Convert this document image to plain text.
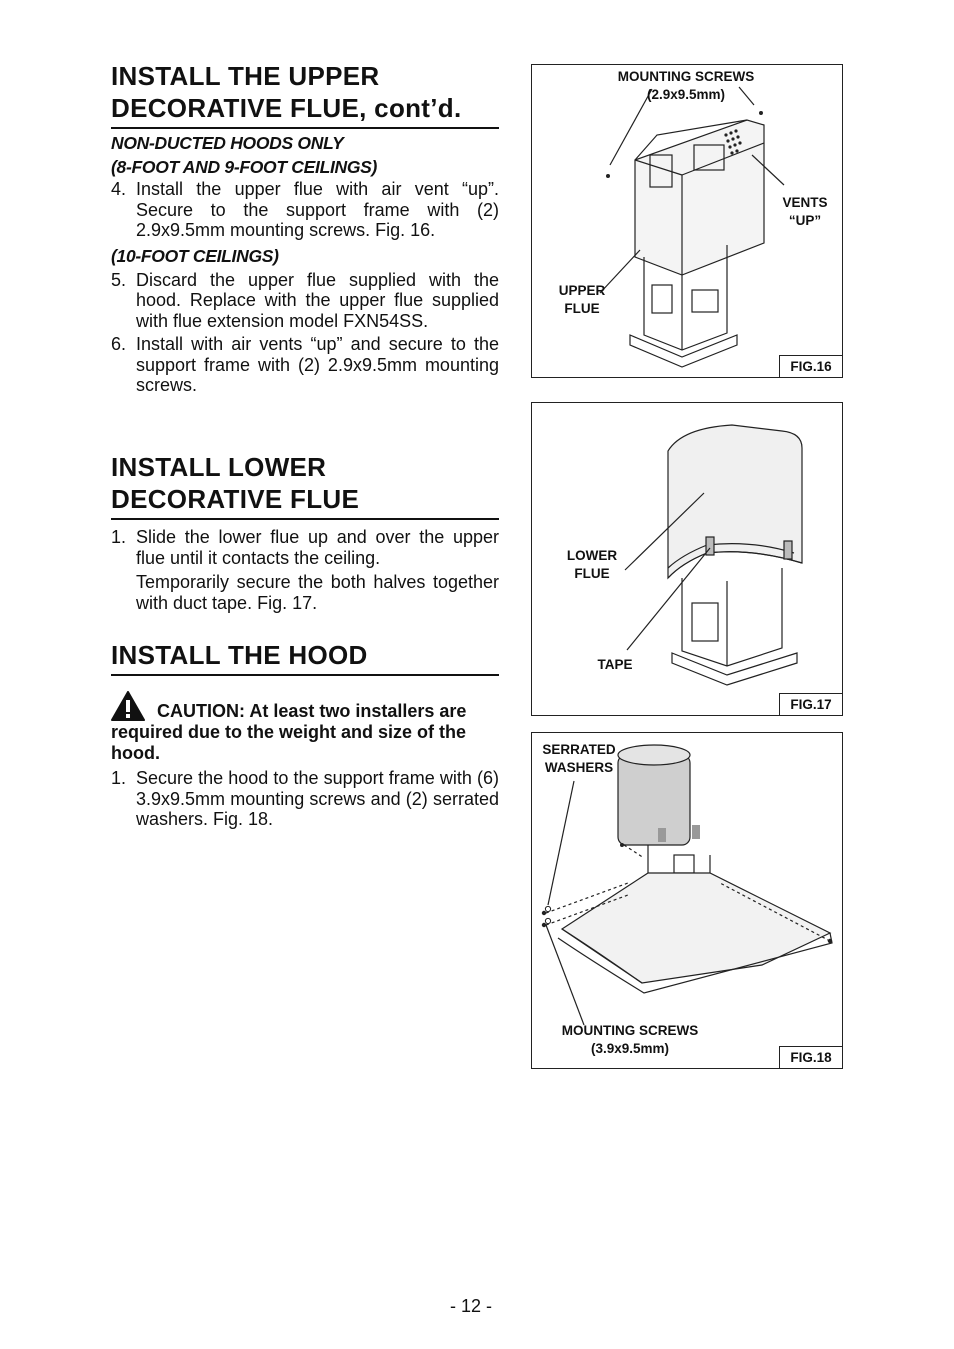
INSTALL THE UPPER
DECORATIVE FLUE, cont’d.
NON-DUCTED HOODS ONLY
(8-FOOT AND 9-FOOT CEILINGS)
4. Install the upper flue with air vent “up”. Secure to the support frame with (2) 2.9x9.5mm mounting screws. Fig. 16.
(10-FOOT CEILINGS)
5. Discard the upper flue supplied with the hood. Replace with the upper flue supplied with flue extension model FXN54SS.
6. Install with air vents “up” and secure to the support frame with (2) 2.9x9.5mm mounting screws.
INSTALL LOWER
DECORATIVE FLUE
1. Slide the lower flue up and over the upper flue until it contacts the ceiling.
Temporarily secure the both halves together with duct tape. Fig. 17.
INSTALL THE HOOD
CAUTION: At least two installers are required due to the weight and size of the hood.
1. Secure the hood to the support frame with (6) 3.9x9.5mm mounting screws and (2) serrated washers. Fig. 18.
MOUNTING SCREWS
(2.9x9.5mm)
VENTS
“UP”
UPPER
FLUE
FIG.16
LOWER
FLUE
TAPE
FIG.17
SERRATED
WASHERS
MOUNTING SCREWS
(3.9x9.5mm)
FIG.18
- 12 -
